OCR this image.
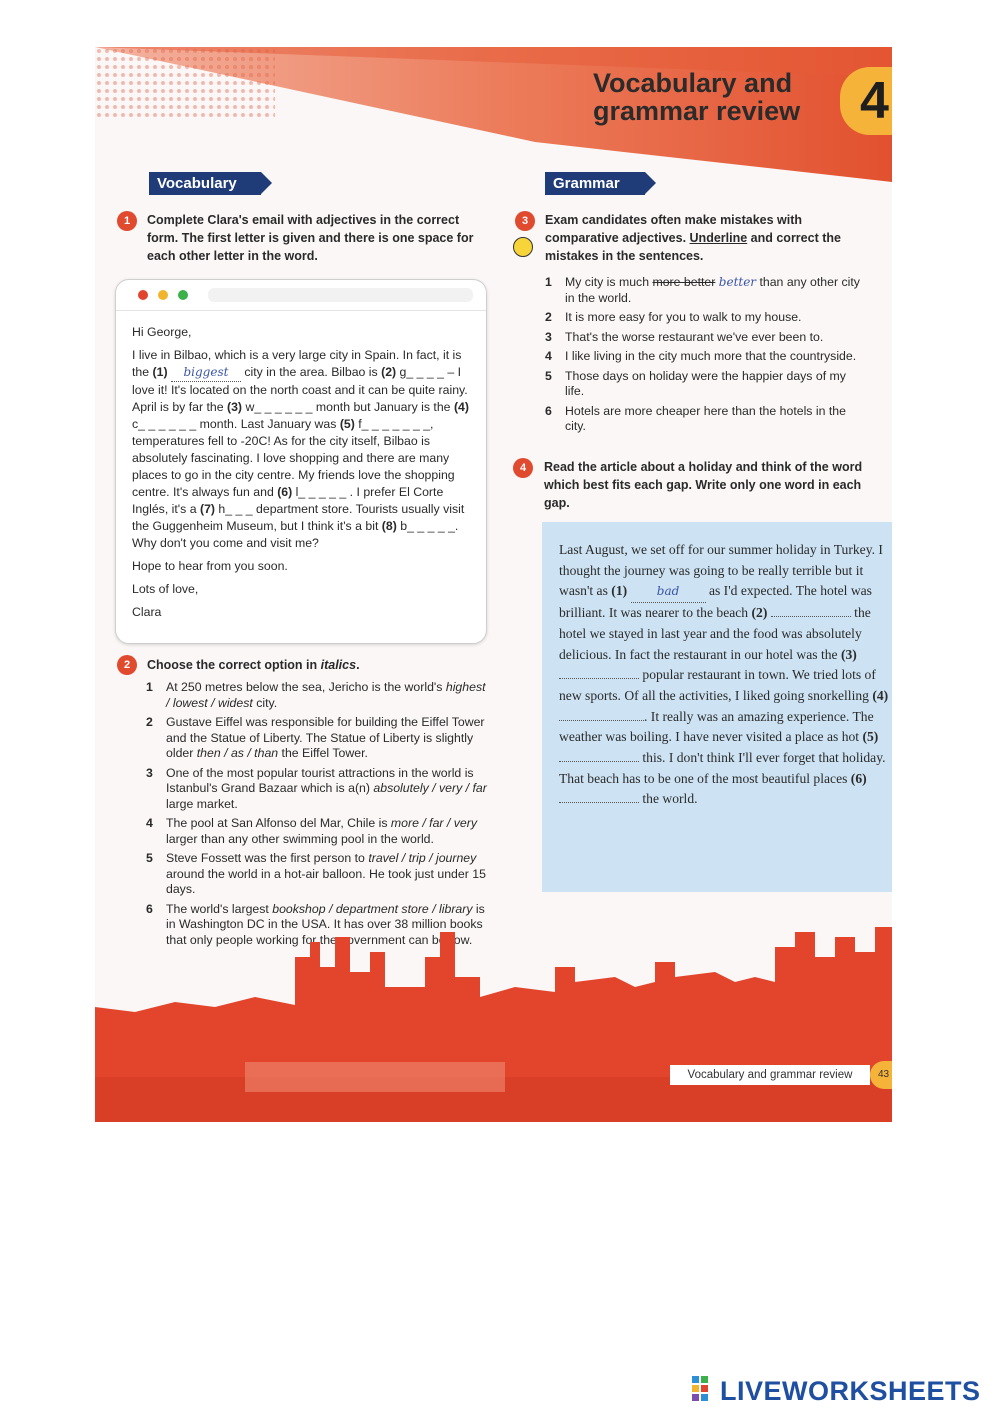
Vocabulary and
grammar review	4
Vocabulary	Grammar
1	Complete Clara's email with adjectives in the correct form. The first letter is given and there is one space for each other letter in the word.

Hi George,

I live in Bilbao, which is a very large city in Spain. In fact, it is the (1) biggest city in the area. Bilbao is (2) g_ _ _ _ – I love it! It's located on the north coast and it can be quite rainy. April is by far the (3) w_ _ _ _ _ _ month but January is the (4) c_ _ _ _ _ _ month. Last January was (5) f_ _ _ _ _ _ _, temperatures fell to -20C! As for the city itself, Bilbao is absolutely fascinating. I love shopping and there are many places to go in the city centre. My friends love the shopping centre. It's always fun and (6) l_ _ _ _ _ . I prefer El Corte Inglés, it's a (7) h_ _ _ department store. Tourists usually visit the Guggenheim Museum, but I think it's a bit (8) b_ _ _ _ _. Why don't you come and visit me?

Hope to hear from you soon.

Lots of love,

Clara

2	Choose the correct option in italics.
1 At 250 metres below the sea, Jericho is the world's highest / lowest / widest city.
2 Gustave Eiffel was responsible for building the Eiffel Tower and the Statue of Liberty. The Statue of Liberty is slightly older then / as / than the Eiffel Tower.
3 One of the most popular tourist attractions in the world is Istanbul's Grand Bazaar which is a(n) absolutely / very / far large market.
4 The pool at San Alfonso del Mar, Chile is more / far / very larger than any other swimming pool in the world.
5 Steve Fossett was the first person to travel / trip / journey around the world in a hot-air balloon. He took just under 15 days.
6 The world's largest bookshop / department store / library is in Washington DC in the USA. It has over 38 million books that only people working for the government can borrow.
3	Exam candidates often make mistakes with comparative adjectives. Underline and correct the mistakes in the sentences.
1 My city is much more better better than any other city in the world.
2 It is more easy for you to walk to my house.
3 That's the worse restaurant we've ever been to.
4 I like living in the city much more that the countryside.
5 Those days on holiday were the happier days of my life.
6 Hotels are more cheaper here than the hotels in the city.
4	Read the article about a holiday and think of the word which best fits each gap. Write only one word in each gap.
Last August, we set off for our summer holiday in Turkey. I thought the journey was going to be really terrible but it wasn't as (1) bad as I'd expected. The hotel was brilliant. It was nearer to the beach (2)	the hotel we stayed in last year and the food was absolutely delicious. In fact the restaurant in our hotel was the (3)  popular restaurant in town. We tried lots of new sports. Of all the activities, I liked going snorkelling (4) . It really was an amazing experience. The weather was boiling. I have never visited a place as hot (5)  this. I don't think I'll ever forget that holiday. That beach has to be one of the most beautiful places (6)  the world.
Vocabulary and grammar review	43
LIVEWORKSHEETS
